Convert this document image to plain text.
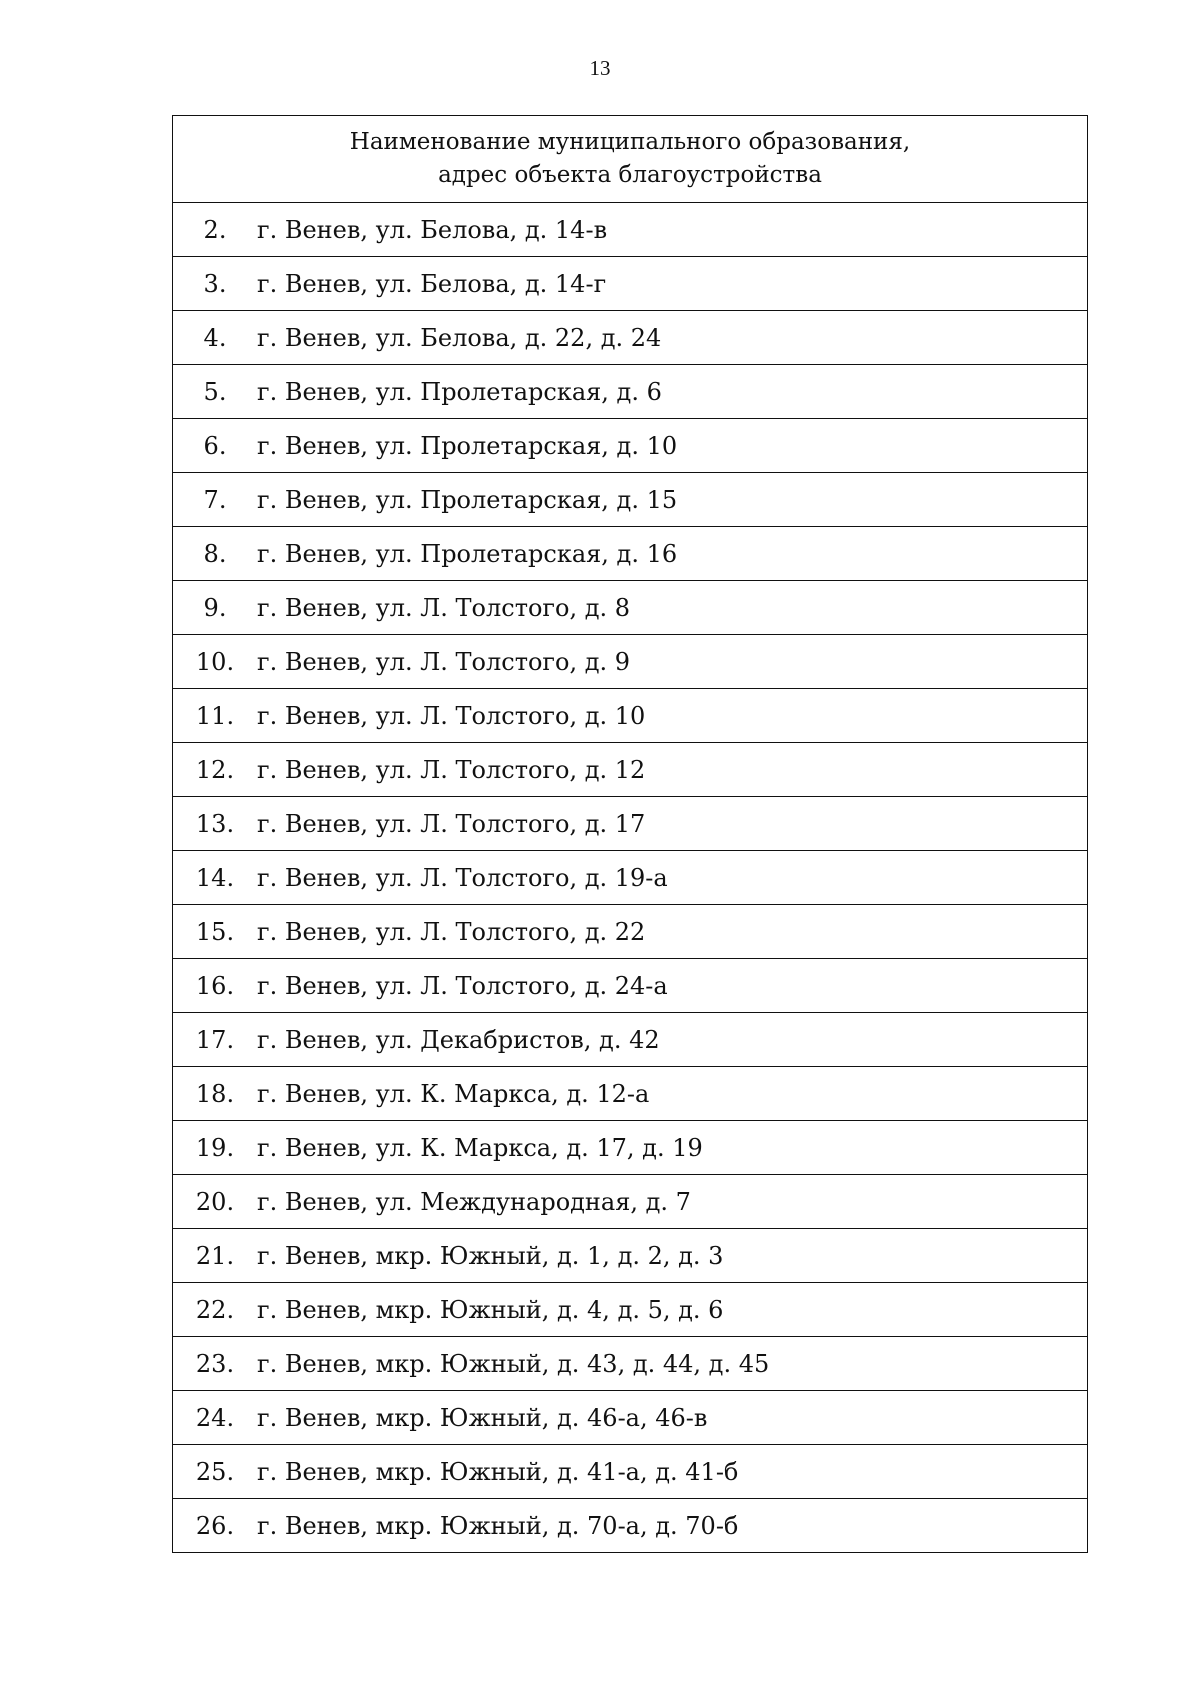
13
Наименование муниципального образования,
адрес объекта благоустройства

2. г. Венев, ул. Белова, д. 14-в
3. г. Венев, ул. Белова, д. 14-г
4. г. Венев, ул. Белова, д. 22, д. 24
5. г. Венев, ул. Пролетарская, д. 6
6. г. Венев, ул. Пролетарская, д. 10
7. г. Венев, ул. Пролетарская, д. 15
8. г. Венев, ул. Пролетарская, д. 16
9. г. Венев, ул. Л. Толстого, д. 8
10. г. Венев, ул. Л. Толстого, д. 9
11. г. Венев, ул. Л. Толстого, д. 10
12. г. Венев, ул. Л. Толстого, д. 12
13. г. Венев, ул. Л. Толстого, д. 17
14. г. Венев, ул. Л. Толстого, д. 19-а
15. г. Венев, ул. Л. Толстого, д. 22
16. г. Венев, ул. Л. Толстого, д. 24-а
17. г. Венев, ул. Декабристов, д. 42
18. г. Венев, ул. К. Маркса, д. 12-а
19. г. Венев, ул. К. Маркса, д. 17, д. 19
20. г. Венев, ул. Международная, д. 7
21. г. Венев, мкр. Южный, д. 1, д. 2, д. 3
22. г. Венев, мкр. Южный, д. 4, д. 5, д. 6
23. г. Венев, мкр. Южный, д. 43, д. 44, д. 45
24. г. Венев, мкр. Южный, д. 46-а, 46-в
25. г. Венев, мкр. Южный, д. 41-а, д. 41-б
26. г. Венев, мкр. Южный, д. 70-а, д. 70-б
